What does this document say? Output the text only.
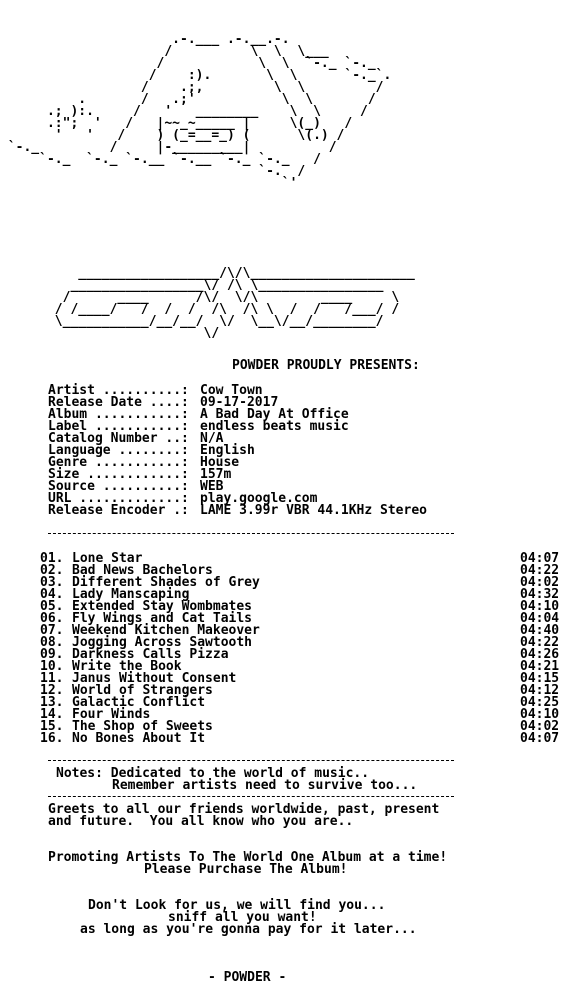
.-.___ .-.__.-.
/          \  \  \___
/            \  \  `-._ `-._
/    :).       \  \      `-._`.
/    .;,         \  \         /
.       /   .;'           \  \       /
.; ):.     /   '   ________    \  \     /
.:";  '   /   |~~_~_____ |     \(_)   /
'   '   /    ) (_=__=_) (      \(.) /
`-._         /     |-_________|          /
`-._  `-._ `-.__ `-.__ `-._ `-._   /
`-.  /
`'

__________________/\/\_____________________
_________________\/ /\ \________________
/      ____      /\/  \/\        ____     \
/ /____/   /  /  /  /\  /\ \  /  /   /___/ /
\___________/__/__/  \/  \__\/__/________/
\/

POWDER PROUDLY PRESENTS:

Artist ..........: Cow Town
Release Date ....: 09-17-2017
Album ...........: A Bad Day At Office
Label ...........: endless beats music
Catalog Number ..: N/A
Language ........: English
Genre ...........: House
Size ............: 157m
Source ..........: WEB
URL .............: play.google.com
Release Encoder .: LAME 3.99r VBR 44.1KHz Stereo

01. Lone Star	04:07
02. Bad News Bachelors	04:22
03. Different Shades of Grey	04:02
04. Lady Manscaping	04:32
05. Extended Stay Wombmates	04:10
06. Fly Wings and Cat Tails	04:04
07. Weekend Kitchen Makeover	04:40
08. Jogging Across Sawtooth	04:22
09. Darkness Calls Pizza	04:26
10. Write the Book	04:21
11. Janus Without Consent	04:15
12. World of Strangers	04:12
13. Galactic Conflict	04:25
14. Four Winds	04:10
15. The Shop of Sweets	04:02
16. No Bones About It	04:07

Notes: Dedicated to the world of music..

Remember artists need to survive too...

Greets to all our friends worldwide, past, present

and future.  You all know who you are..

Promoting Artists To The World One Album at a time!

Please Purchase The Album!

Don't Look for us, we will find you...

sniff all you want!

as long as you're gonna pay for it later...

- POWDER -
